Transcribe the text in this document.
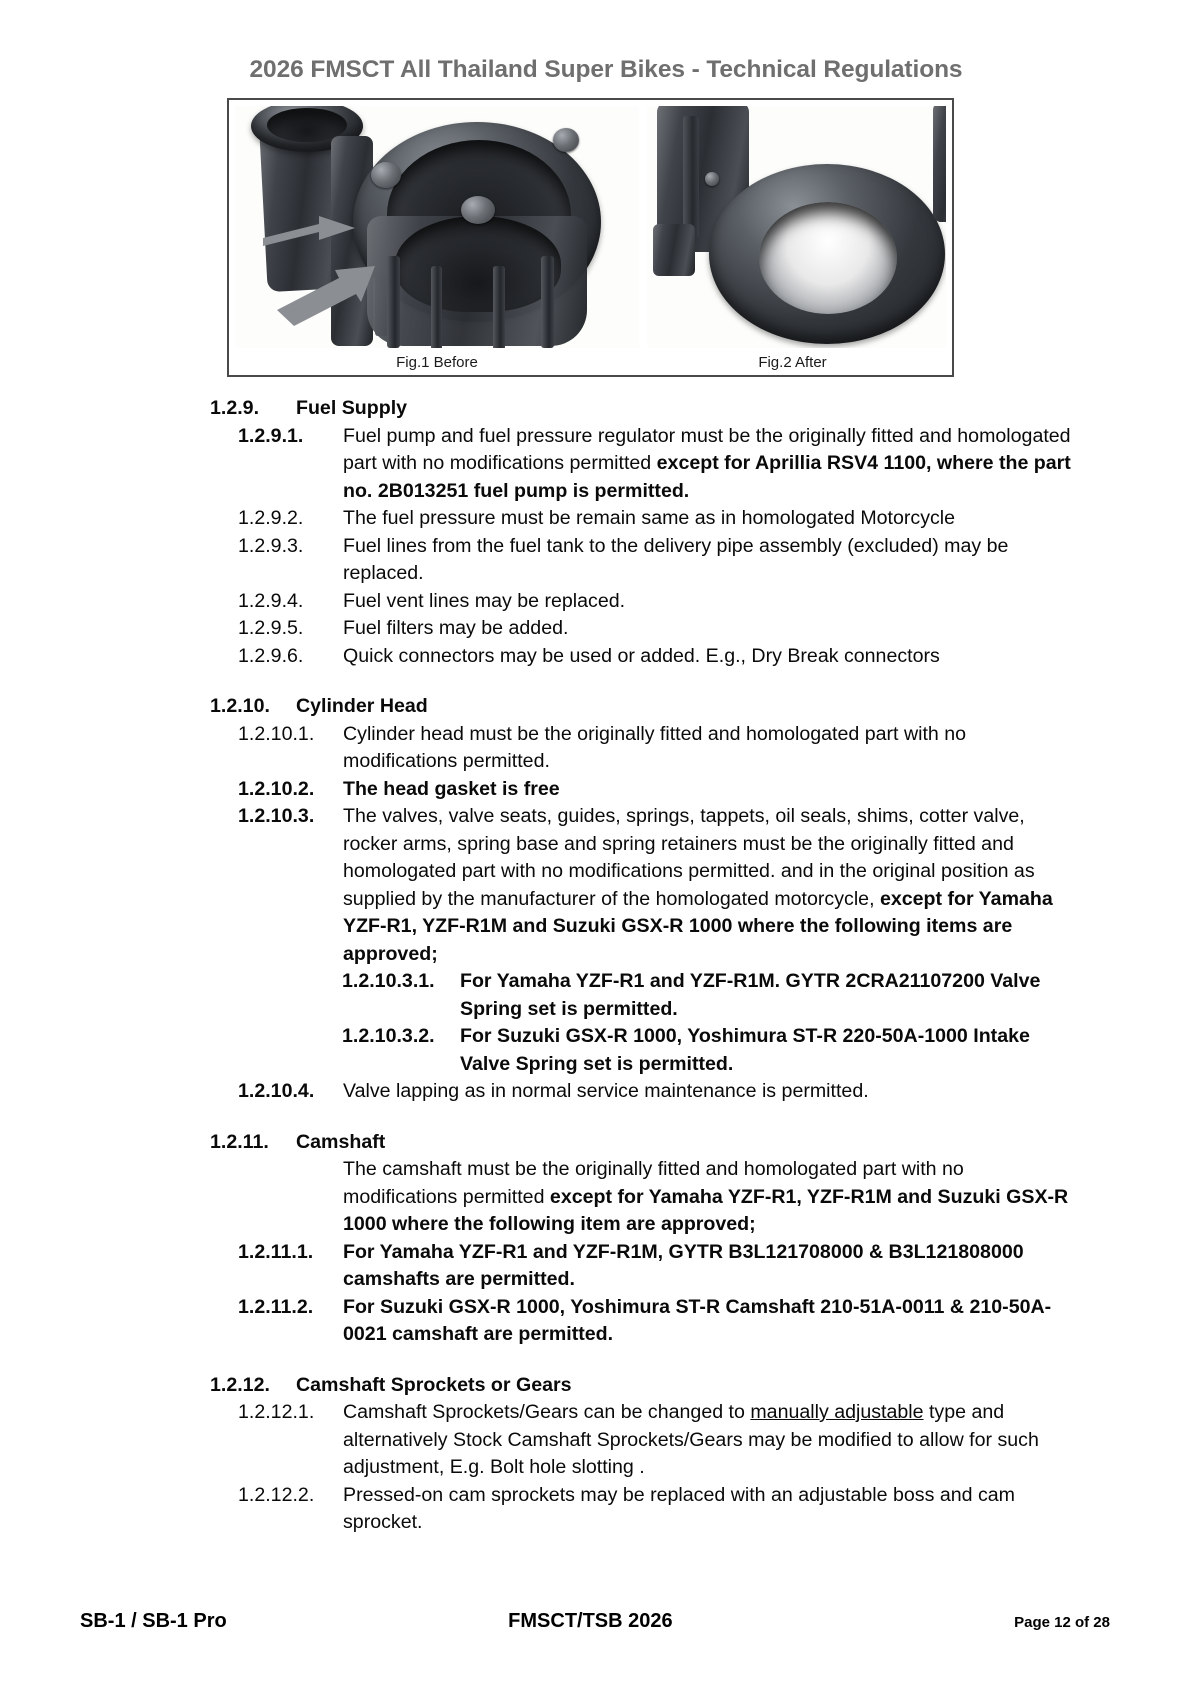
2026 FMSCT All Thailand Super Bikes - Technical Regulations
Fig.1 Before	Fig.2 After
1.2.9.	Fuel Supply
1.2.9.1.	Fuel pump and fuel pressure regulator must be the originally fitted and homologated part with no modifications permitted except for Aprillia RSV4 1100, where the part no. 2B013251 fuel pump is permitted.
1.2.9.2.	The fuel pressure must be remain same as in homologated Motorcycle
1.2.9.3.	Fuel lines from the fuel tank to the delivery pipe assembly (excluded) may be replaced.
1.2.9.4.	Fuel vent lines may be replaced.
1.2.9.5.	Fuel filters may be added.
1.2.9.6.	Quick connectors may be used or added. E.g., Dry Break connectors
1.2.10.	Cylinder Head
1.2.10.1.	Cylinder head must be the originally fitted and homologated part with no modifications permitted.
1.2.10.2.	The head gasket is free
1.2.10.3.	The valves, valve seats, guides, springs, tappets, oil seals, shims, cotter valve, rocker arms, spring base and spring retainers must be the originally fitted and homologated part with no modifications permitted. and in the original position as supplied by the manufacturer of the homologated motorcycle, except for Yamaha YZF-R1, YZF-R1M and Suzuki GSX-R 1000 where the following items are approved;
1.2.10.3.1.	For Yamaha YZF-R1 and YZF-R1M. GYTR 2CRA21107200 Valve Spring set is permitted.
1.2.10.3.2.	For Suzuki GSX-R 1000, Yoshimura ST-R 220-50A-1000 Intake Valve Spring set is permitted.
1.2.10.4.	Valve lapping as in normal service maintenance is permitted.
1.2.11.	Camshaft
The camshaft must be the originally fitted and homologated part with no modifications permitted except for Yamaha YZF-R1, YZF-R1M and Suzuki GSX-R 1000 where the following item are approved;
1.2.11.1.	For Yamaha YZF-R1 and YZF-R1M, GYTR B3L121708000 & B3L121808000 camshafts are permitted.
1.2.11.2.	For Suzuki GSX-R 1000, Yoshimura ST-R Camshaft 210-51A-0011 & 210-50A-0021 camshaft are permitted.
1.2.12.	Camshaft Sprockets or Gears
1.2.12.1.	Camshaft Sprockets/Gears can be changed to manually adjustable type and alternatively Stock Camshaft Sprockets/Gears may be modified to allow for such adjustment, E.g. Bolt hole slotting .
1.2.12.2.	Pressed-on cam sprockets may be replaced with an adjustable boss and cam sprocket.
SB-1 / SB-1 Pro	FMSCT/TSB 2026	Page 12 of 28
